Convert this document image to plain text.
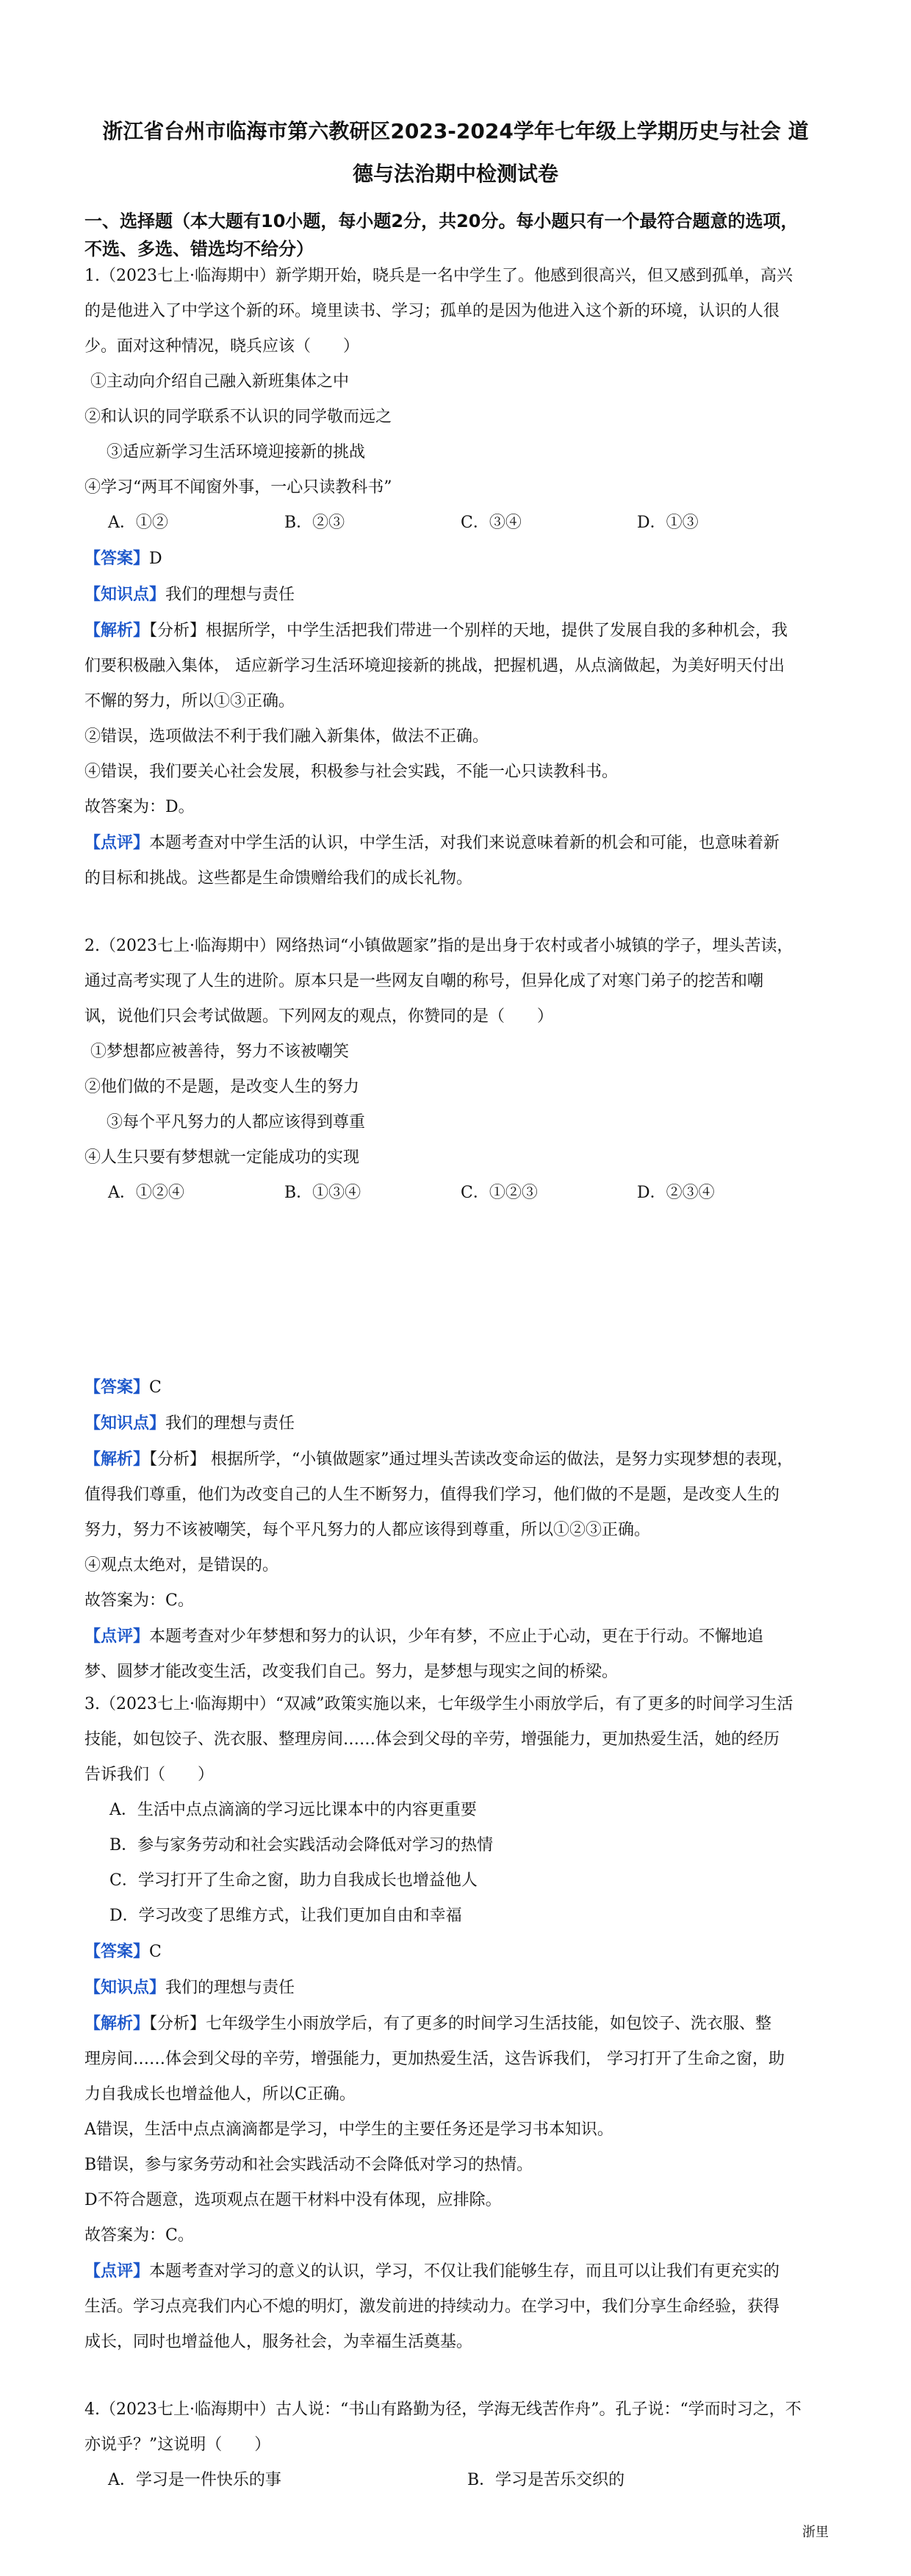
浙江省台州市临海市第六教研区2023-2024学年七年级上学期历史与社会 道
德与法治期中检测试卷
一、选择题（本大题有10小题，每小题2分，共20分。每小题只有一个最符合题意的选项，
不选、多选、错选均不给分）
1.（2023七上·临海期中）新学期开始，晓兵是一名中学生了。他感到很高兴，但又感到孤单，高兴
的是他进入了中学这个新的环。境里读书、学习；孤单的是因为他进入这个新的环境，认识的人很
少。面对这种情况，晓兵应该（　　）
①主动向介绍自己融入新班集体之中
②和认识的同学联系不认识的同学敬而远之
③适应新学习生活环境迎接新的挑战
④学习“两耳不闻窗外事，一心只读教科书”
A．①②	B．②③	C．③④	D．①③
【答案】D
【知识点】我们的理想与责任
【解析】【分析】根据所学，中学生活把我们带进一个别样的天地，提供了发展自我的多种机会，我
们要积极融入集体， 适应新学习生活环境迎接新的挑战，把握机遇，从点滴做起，为美好明天付出
不懈的努力，所以①③正确。
②错误，选项做法不利于我们融入新集体，做法不正确。
④错误，我们要关心社会发展，积极参与社会实践，不能一心只读教科书。
故答案为：D。
【点评】本题考查对中学生活的认识，中学生活，对我们来说意味着新的机会和可能，也意味着新
的目标和挑战。这些都是生命馈赠给我们的成长礼物。
2.（2023七上·临海期中）网络热词“小镇做题家”指的是出身于农村或者小城镇的学子，埋头苦读，
通过高考实现了人生的进阶。原本只是一些网友自嘲的称号，但异化成了对寒门弟子的挖苦和嘲
讽，说他们只会考试做题。下列网友的观点，你赞同的是（　　）
①梦想都应被善待，努力不该被嘲笑
②他们做的不是题，是改变人生的努力
③每个平凡努力的人都应该得到尊重
④人生只要有梦想就一定能成功的实现
A．①②④	B．①③④	C．①②③	D．②③④
【答案】C
【知识点】我们的理想与责任
【解析】【分析】 根据所学，“小镇做题家”通过埋头苦读改变命运的做法，是努力实现梦想的表现，
值得我们尊重，他们为改变自己的人生不断努力，值得我们学习，他们做的不是题，是改变人生的
努力，努力不该被嘲笑，每个平凡努力的人都应该得到尊重，所以①②③正确。
④观点太绝对，是错误的。
故答案为：C。
【点评】本题考查对少年梦想和努力的认识，少年有梦，不应止于心动，更在于行动。不懈地追
梦、圆梦才能改变生活，改变我们自己。努力，是梦想与现实之间的桥梁。
3.（2023七上·临海期中）“双减”政策实施以来，七年级学生小雨放学后，有了更多的时间学习生活
技能，如包饺子、洗衣服、整理房间……体会到父母的辛劳，增强能力，更加热爱生活，她的经历
告诉我们（　　）
A．生活中点点滴滴的学习远比课本中的内容更重要
B．参与家务劳动和社会实践活动会降低对学习的热情
C．学习打开了生命之窗，助力自我成长也增益他人
D．学习改变了思维方式，让我们更加自由和幸福
【答案】C
【知识点】我们的理想与责任
【解析】【分析】七年级学生小雨放学后，有了更多的时间学习生活技能，如包饺子、洗衣服、整
理房间……体会到父母的辛劳，增强能力，更加热爱生活，这告诉我们， 学习打开了生命之窗，助
力自我成长也增益他人，所以C正确。
A错误，生活中点点滴滴都是学习，中学生的主要任务还是学习书本知识。
B错误，参与家务劳动和社会实践活动不会降低对学习的热情。
D不符合题意，选项观点在题干材料中没有体现，应排除。
故答案为：C。
【点评】本题考查对学习的意义的认识，学习，不仅让我们能够生存，而且可以让我们有更充实的
生活。学习点亮我们内心不熄的明灯，激发前进的持续动力。在学习中，我们分享生命经验，获得
成长，同时也增益他人，服务社会，为幸福生活奠基。
4.（2023七上·临海期中）古人说：“书山有路勤为径，学海无线苦作舟”。孔子说：“学而时习之，不
亦说乎？”这说明（　　）
A．学习是一件快乐的事	B．学习是苦乐交织的
浙里
